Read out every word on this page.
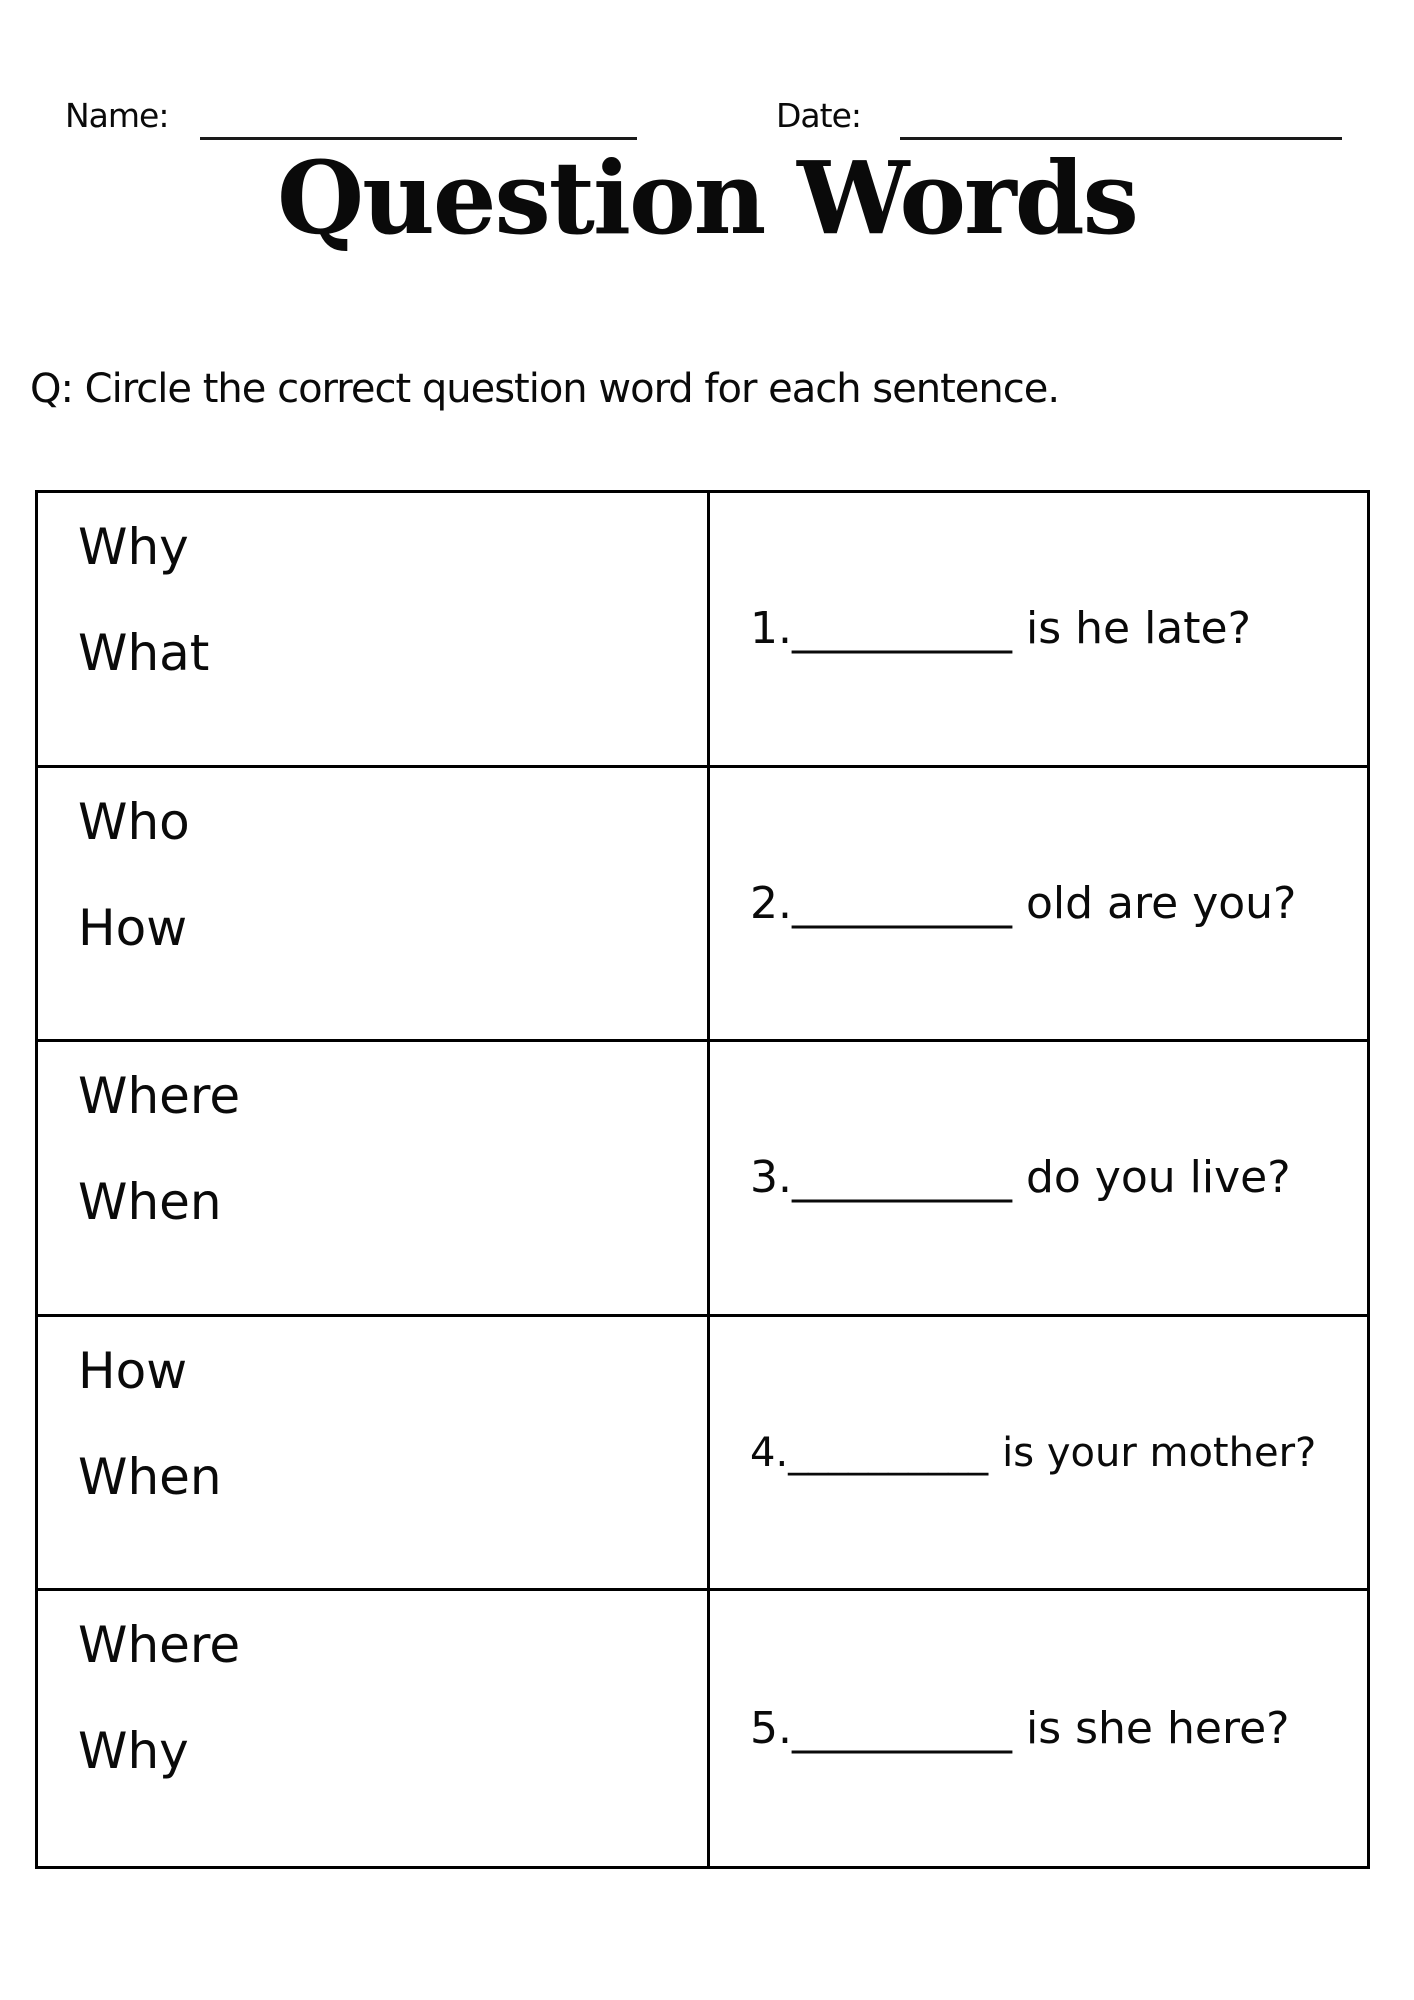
Name:	Date:
Question Words
Q: Circle the correct question word for each sentence.
Why
What	1.__________ is he late?
Who
How	2.__________ old are you?
Where
When	3.__________ do you live?
How
When	4.__________ is your mother?
Where
Why	5.__________ is she here?
